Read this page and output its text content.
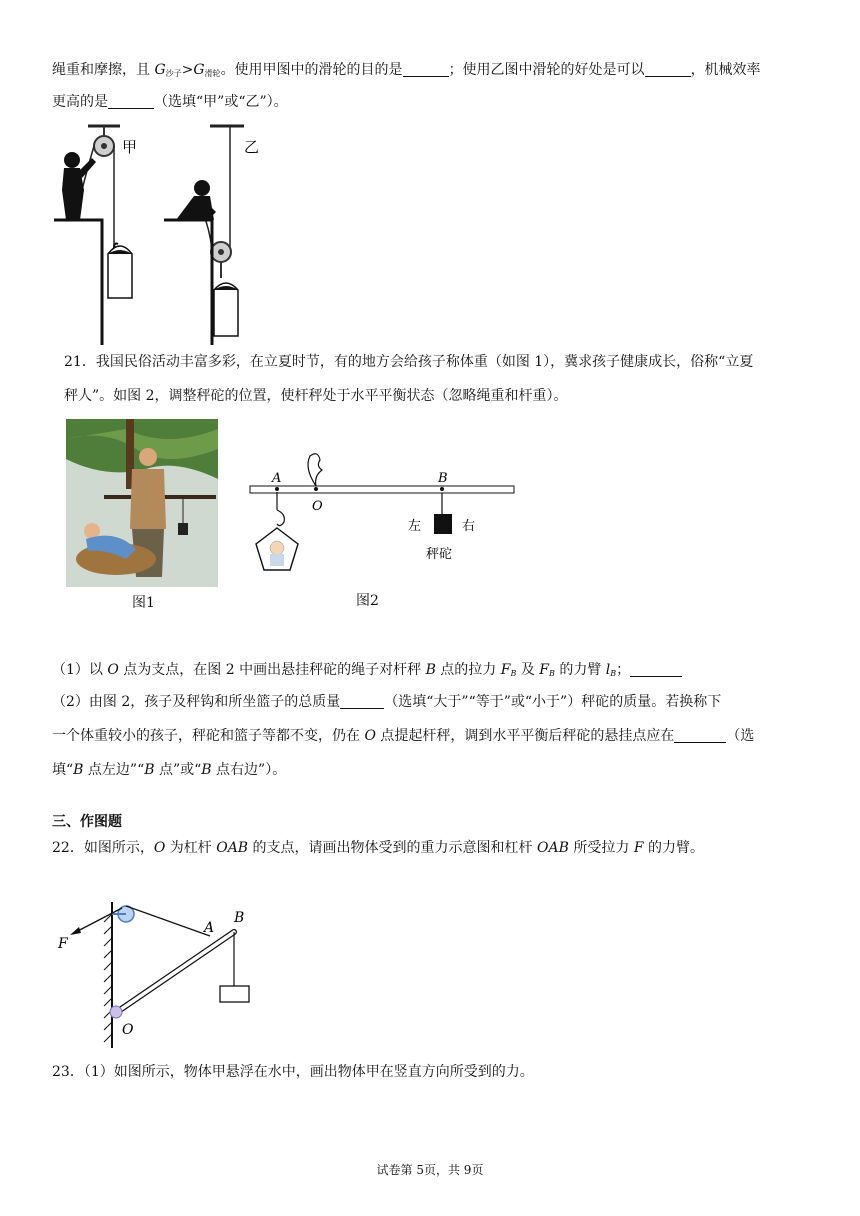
绳重和摩擦，且 $G_{沙子}>G_{滑轮}$。使用甲图中的滑轮的目的是	；使用乙图中滑轮的好处是可以	，机械效率
更高的是	（选填“甲”或“乙”）。
甲	乙
21．我国民俗活动丰富多彩，在立夏时节，有的地方会给孩子称体重（如图 1），冀求孩子健康成长，俗称“立夏
秤人”。如图 2，调整秤砣的位置，使杆秤处于水平平衡状态（忽略绳重和杆重）。
图1
A
O
B
左	右
秤砣
图2
（1）以 O 点为支点，在图 2 中画出悬挂秤砣的绳子对杆秤 B 点的拉力 $F_B$ 及 $F_B$ 的力臂 $l_B$；
（2）由图 2，孩子及秤钩和所坐篮子的总质量	（选填“大于”“等于”或“小于”）秤砣的质量。若换称下
一个体重较小的孩子，秤砣和篮子等都不变，仍在 O 点提起杆秤，调到水平平衡后秤砣的悬挂点应在	（选
填“B 点左边”“B 点”或“B 点右边”）。
三、作图题
22．如图所示，O 为杠杆 OAB 的支点，请画出物体受到的重力示意图和杠杆 OAB 所受拉力 F 的力臂。
F
A
B
O
23．（1）如图所示，物体甲悬浮在水中，画出物体甲在竖直方向所受到的力。
试卷第 5页，共 9页
